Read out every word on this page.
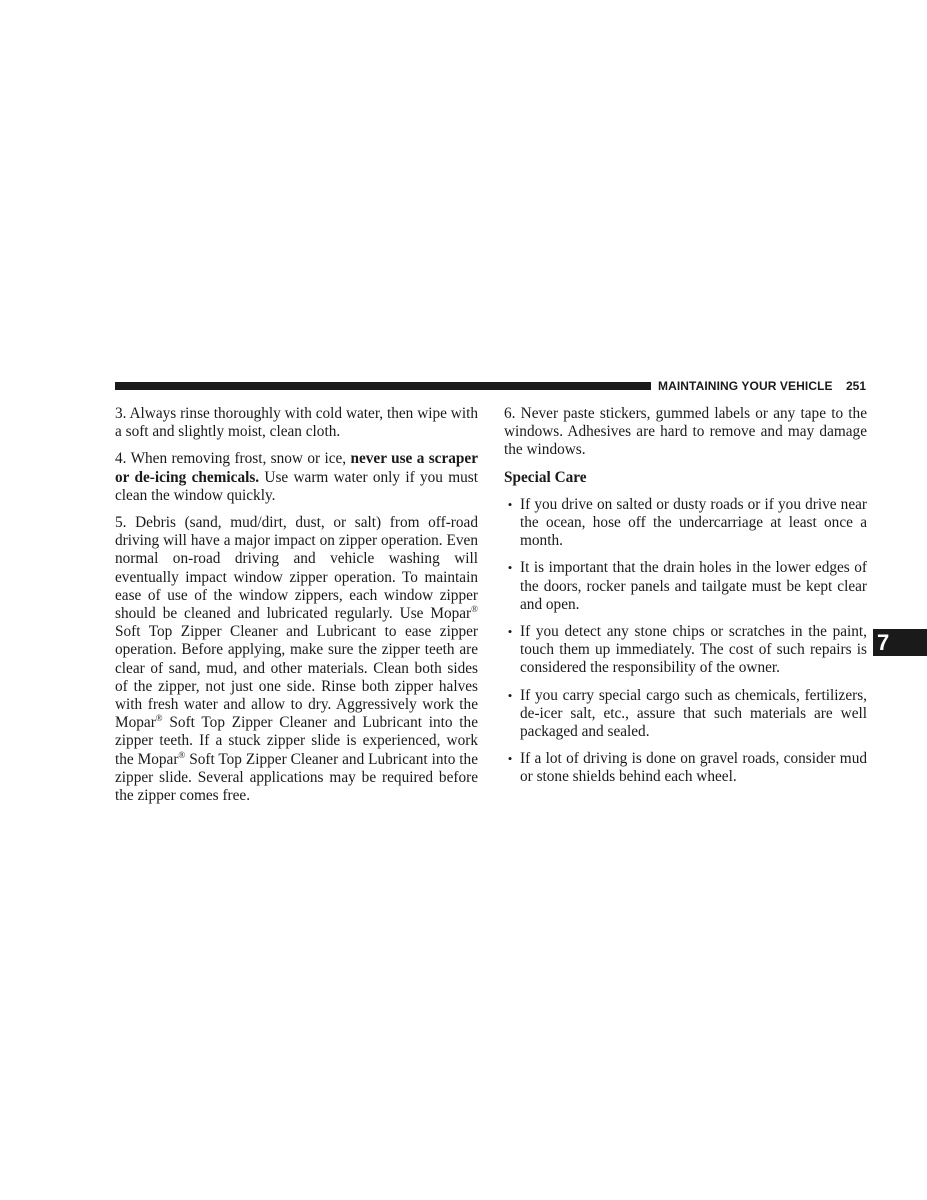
MAINTAINING YOUR VEHICLE 251

3. Always rinse thoroughly with cold water, then wipe with a soft and slightly moist, clean cloth.

4. When removing frost, snow or ice, never use a scraper or de-icing chemicals. Use warm water only if you must clean the window quickly.

5. Debris (sand, mud/dirt, dust, or salt) from off-road driving will have a major impact on zipper operation. Even normal on-road driving and vehicle washing will eventually impact window zipper operation. To maintain ease of use of the window zippers, each window zipper should be cleaned and lubricated regularly. Use Mopar® Soft Top Zipper Cleaner and Lubricant to ease zipper operation. Before applying, make sure the zipper teeth are clear of sand, mud, and other materials. Clean both sides of the zipper, not just one side. Rinse both zipper halves with fresh water and allow to dry. Aggressively work the Mopar® Soft Top Zipper Cleaner and Lubricant into the zipper teeth. If a stuck zipper slide is experienced, work the Mopar® Soft Top Zipper Cleaner and Lubricant into the zipper slide. Several applications may be required before the zipper comes free.

6. Never paste stickers, gummed labels or any tape to the windows. Adhesives are hard to remove and may damage the windows.

Special Care
• If you drive on salted or dusty roads or if you drive near the ocean, hose off the undercarriage at least once a month.
• It is important that the drain holes in the lower edges of the doors, rocker panels and tailgate must be kept clear and open.
• If you detect any stone chips or scratches in the paint, touch them up immediately. The cost of such repairs is considered the responsibility of the owner.
• If you carry special cargo such as chemicals, fertilizers, de-icer salt, etc., assure that such materials are well packaged and sealed.
• If a lot of driving is done on gravel roads, consider mud or stone shields behind each wheel.
7
